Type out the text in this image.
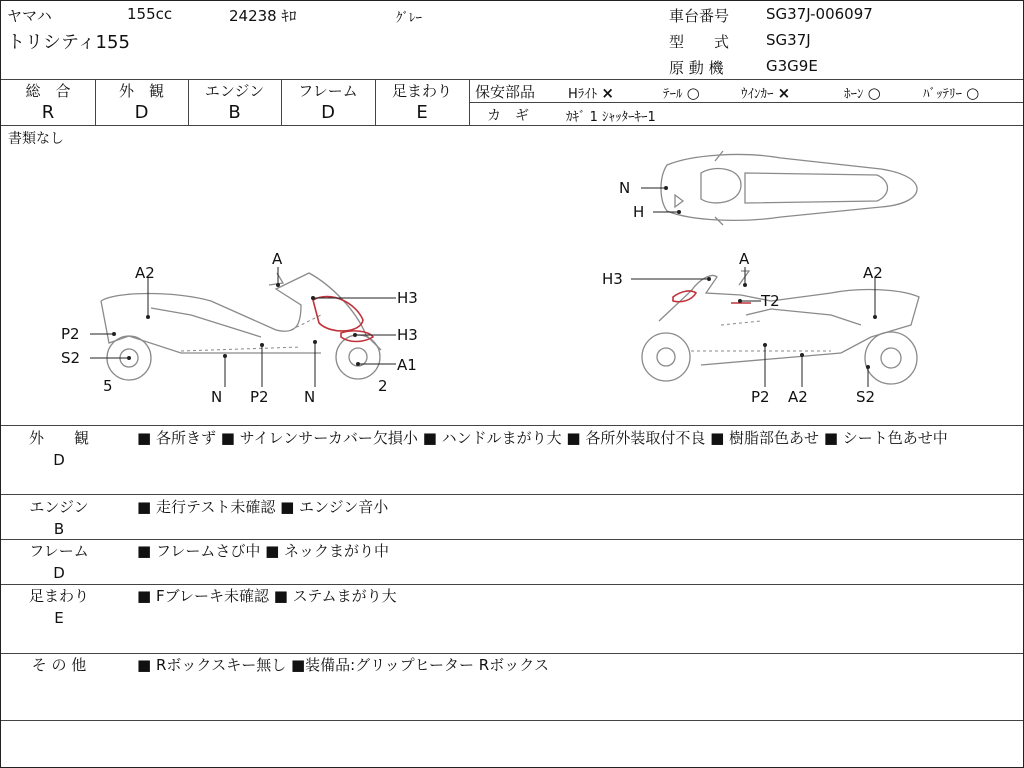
ヤマハ	155cc	24238 ｷﾛ	ｸﾞﾚｰ
トリシティ155
車台番号 SG37J-006097
型　　式 SG37J
原 動 機	G3G9E
総　合
R
外　観
D
エンジン
B
フレーム
D
足まわり
E
保安部品	Hﾗｲﾄ ×	ﾃｰﾙ ○	ｳｲﾝｶｰ ×	ﾎｰﾝ ○	ﾊﾞｯﾃﾘｰ ○
カ　ギ	ｶｷﾞ 1 ｼｬｯﾀｰｷｰ1
書類なし
N
H
A2
A
H3
P2	H3
S2	A1
5
N P2 N
2
H3
A
A2
T2
P2 A2	S2
外　　観
D
■ 各所きず ■ サイレンサーカバー欠損小 ■ ハンドルまがり大 ■ 各所外装取付不良 ■ 樹脂部色あせ ■ シート色あせ中
エンジン
B
■ 走行テスト未確認 ■ エンジン音小
フレーム
D
■ フレームさび中 ■ ネックまがり中
足まわり
E
■ Fブレーキ未確認 ■ ステムまがり大
そ の 他	■ Rボックスキー無し ■装備品:グリップヒーター Rボックス
